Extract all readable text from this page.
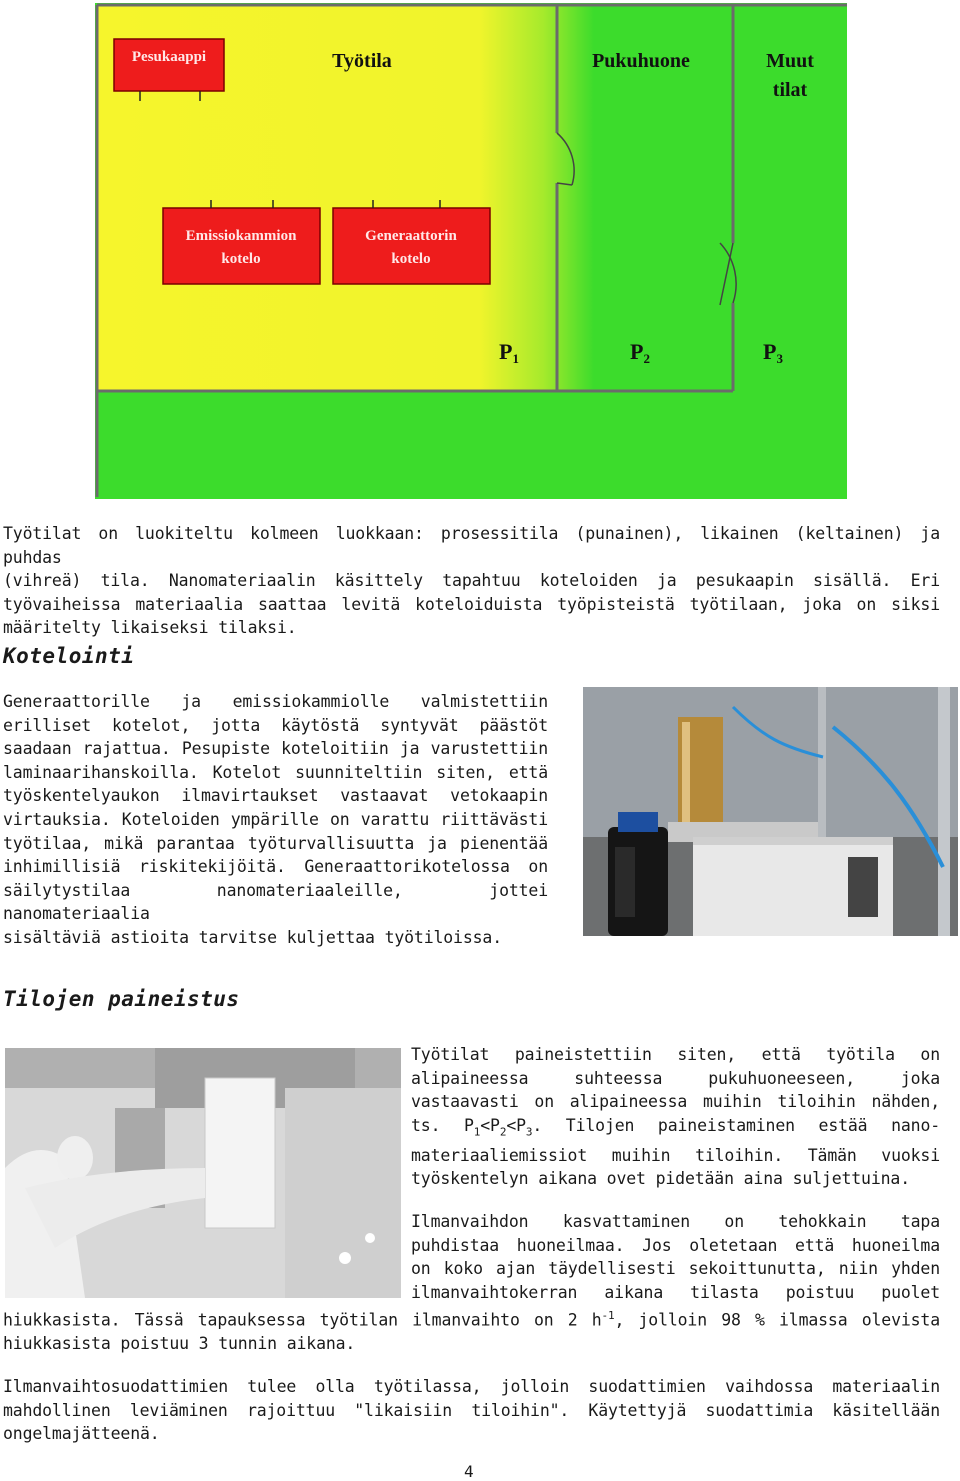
Pesukaappi	Työtila	Pukuhuone	Muut
tilat
Emissiokammion
kotelo
Generaattorin
kotelo
P1	P2	P3
Työtilat on luokiteltu kolmeen luokkaan: prosessitila (punainen), likainen (keltainen) ja puhdas
(vihreä) tila. Nanomateriaalin käsittely tapahtuu koteloiden ja pesukaapin sisällä. Eri
työvaiheissa materiaalia saattaa levitä koteloiduista työpisteistä työtilaan, joka on siksi
määritelty likaiseksi tilaksi.
Kotelointi
Generaattorille ja emissiokammiolle valmistettiin
erilliset kotelot, jotta käytöstä syntyvät päästöt
saadaan rajattua. Pesupiste koteloitiin ja varustettiin
laminaarihanskoilla. Kotelot suunniteltiin siten, että
työskentelyaukon ilmavirtaukset vastaavat vetokaapin
virtauksia. Koteloiden ympärille on varattu riittävästi
työtilaa, mikä parantaa työturvallisuutta ja pienentää
inhimillisiä riskitekijöitä. Generaattorikotelossa on
säilytystilaa nanomateriaaleille, jottei nanomateriaalia
sisältäviä astioita tarvitse kuljettaa työtiloissa.
Tilojen paineistus
Työtilat paineistettiin siten, että työtila on
alipaineessa suhteessa pukuhuoneeseen, joka
vastaavasti on alipaineessa muihin tiloihin nähden,
ts. $P_1<P_2<P_3$. Tilojen paineistaminen estää nano-
materiaaliemissiot muihin tiloihin. Tämän vuoksi
työskentelyn aikana ovet pidetään aina suljettuina.
Ilmanvaihdon kasvattaminen on tehokkain tapa
puhdistaa huoneilmaa. Jos oletetaan että huoneilma
on koko ajan täydellisesti sekoittunutta, niin yhden
ilmanvaihtokerran aikana tilasta poistuu puolet
hiukkasista. Tässä tapauksessa työtilan ilmanvaihto on 2 $h^{-1}$, jolloin 98 % ilmassa olevista
hiukkasista poistuu 3 tunnin aikana.
Ilmanvaihtosuodattimien tulee olla työtilassa, jolloin suodattimien vaihdossa materiaalin
mahdollinen leviäminen rajoittuu "likaisiin tiloihin". Käytettyjä suodattimia käsitellään
ongelmajätteenä.
4
